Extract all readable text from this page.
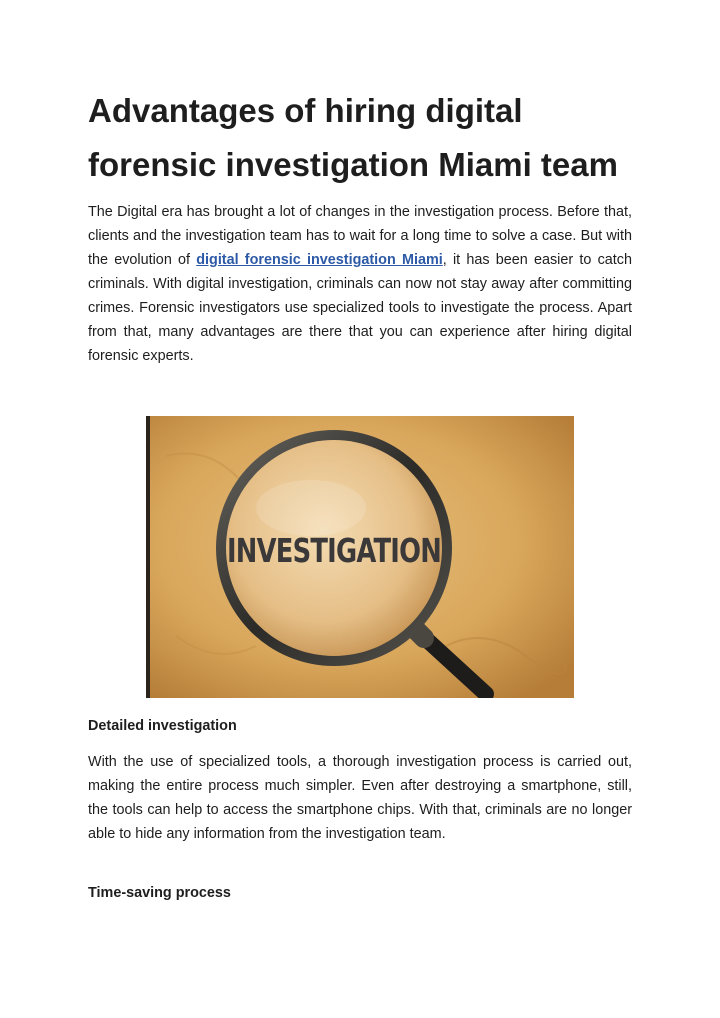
Advantages of hiring digital forensic investigation Miami team

The Digital era has brought a lot of changes in the investigation process. Before that, clients and the investigation team has to wait for a long time to solve a case. But with the evolution of digital forensic investigation Miami, it has been easier to catch criminals. With digital investigation, criminals can now not stay away after committing crimes. Forensic investigators use specialized tools to investigate the process. Apart from that, many advantages are there that you can experience after hiring digital forensic experts.

INVESTIGATION
Detailed investigation

With the use of specialized tools, a thorough investigation process is carried out, making the entire process much simpler. Even after destroying a smartphone, still, the tools can help to access the smartphone chips. With that, criminals are no longer able to hide any information from the investigation team.

Time-saving process
